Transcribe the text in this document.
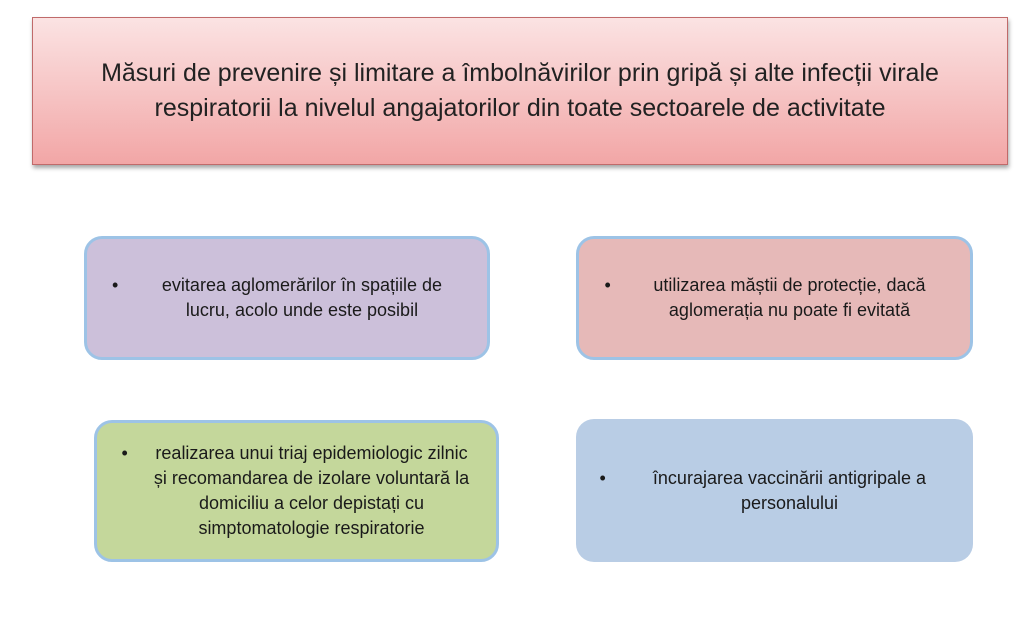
Măsuri de prevenire și limitare a îmbolnăvirilor prin gripă și alte infecții virale respiratorii la nivelul angajatorilor din toate sectoarele de activitate
•	evitarea aglomerărilor în spațiile de lucru, acolo unde este posibil
•	utilizarea măștii de protecție, dacă aglomerația nu poate fi evitată
•	realizarea unui triaj epidemiologic zilnic și recomandarea de izolare voluntară la domiciliu a celor depistați cu simptomatologie respiratorie
•	încurajarea vaccinării antigripale a personalului
